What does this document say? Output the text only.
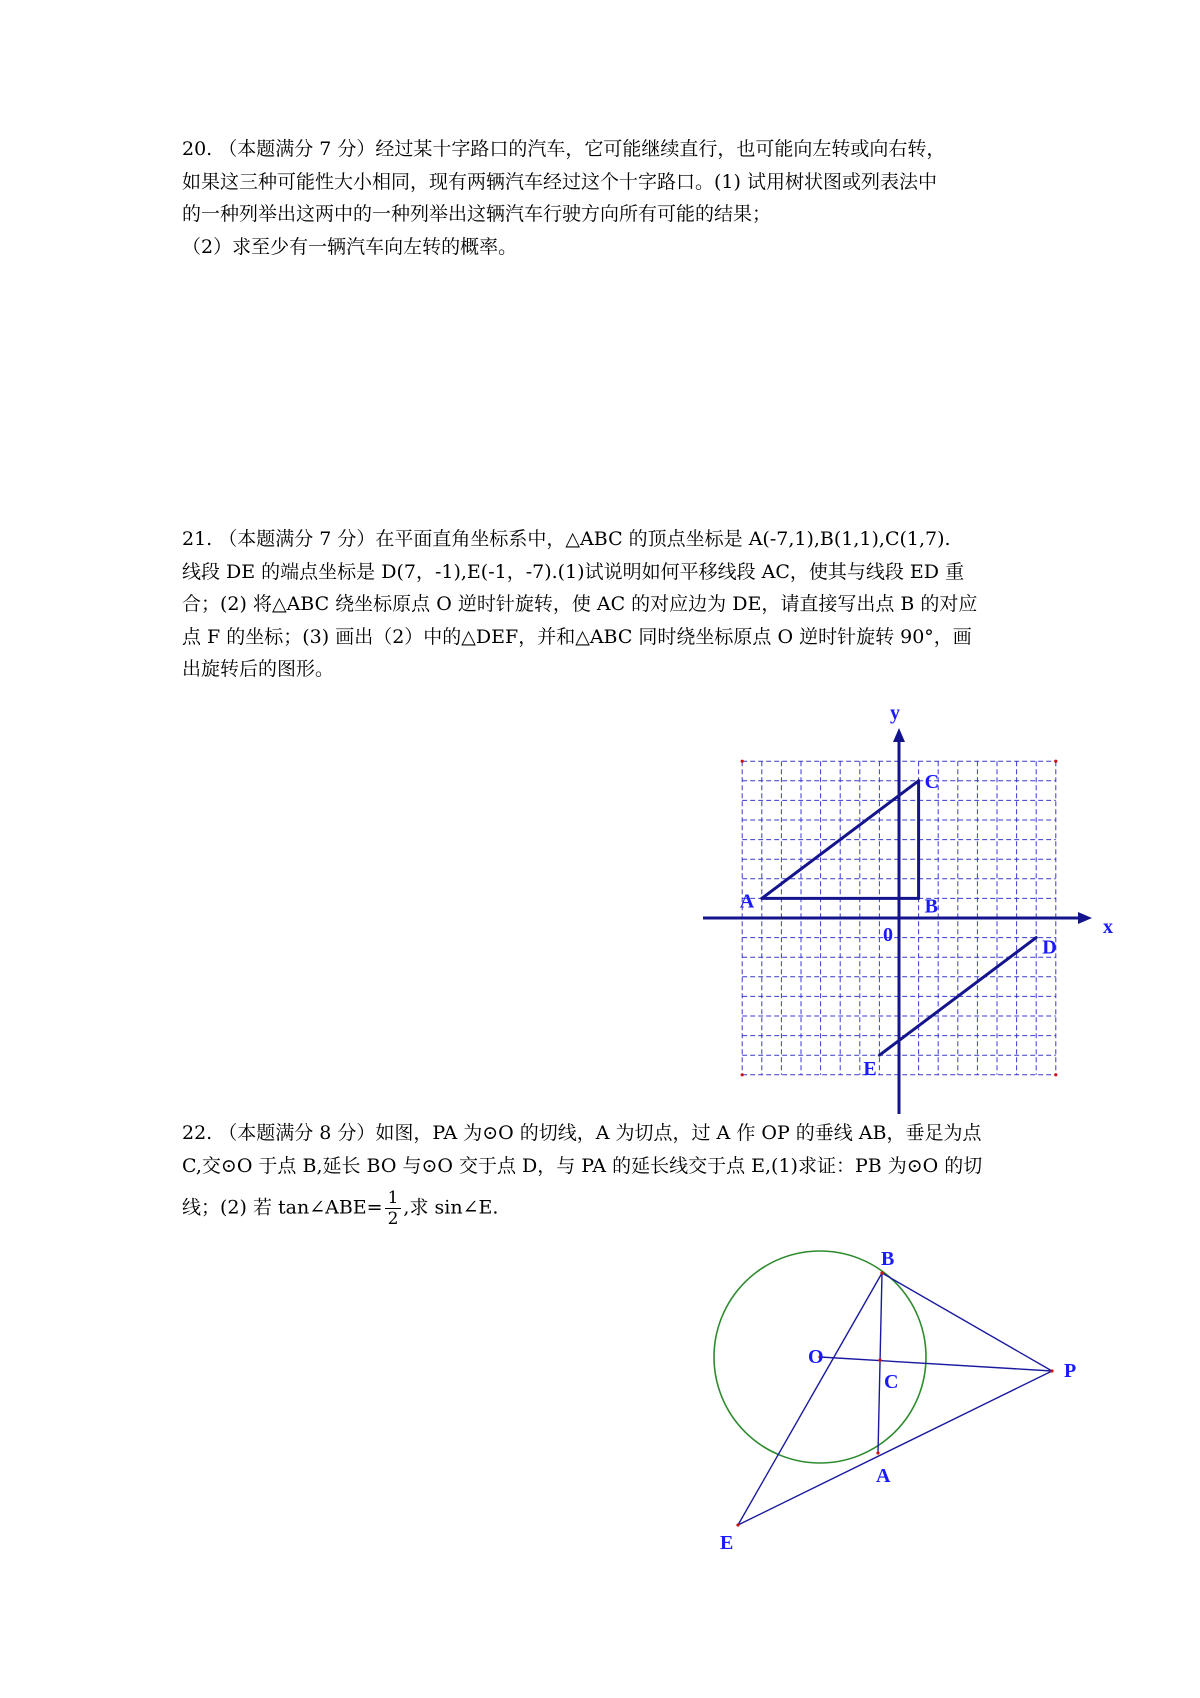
20. （本题满分 7 分）经过某十字路口的汽车，它可能继续直行，也可能向左转或向右转，
如果这三种可能性大小相同，现有两辆汽车经过这个十字路口。(1) 试用树状图或列表法中
的一种列举出这两中的一种列举出这辆汽车行驶方向所有可能的结果；
（2）求至少有一辆汽车向左转的概率。
21. （本题满分 7 分）在平面直角坐标系中，△ABC 的顶点坐标是 A(-7,1),B(1,1),C(1,7).
线段 DE 的端点坐标是 D(7，-1),E(-1，-7).(1)试说明如何平移线段 AC，使其与线段 ED 重
合；(2) 将△ABC 绕坐标原点 O 逆时针旋转，使 AC 的对应边为 DE，请直接写出点 B 的对应
点 F 的坐标；(3) 画出（2）中的△DEF，并和△ABC 同时绕坐标原点 O 逆时针旋转 90°，画
出旋转后的图形。
A	B
C
D
E
x
y
0
22. （本题满分 8 分）如图，PA 为⊙O 的切线，A 为切点，过 A 作 OP 的垂线 AB，垂足为点
C,交⊙O 于点 B,延长 BO 与⊙O 交于点 D，与 PA 的延长线交于点 E,(1)求证：PB 为⊙O 的切
线；(2) 若 tan∠ABE= $\frac{1}{2}$ ,求 sin∠E.
B
O
C	P
A
E
